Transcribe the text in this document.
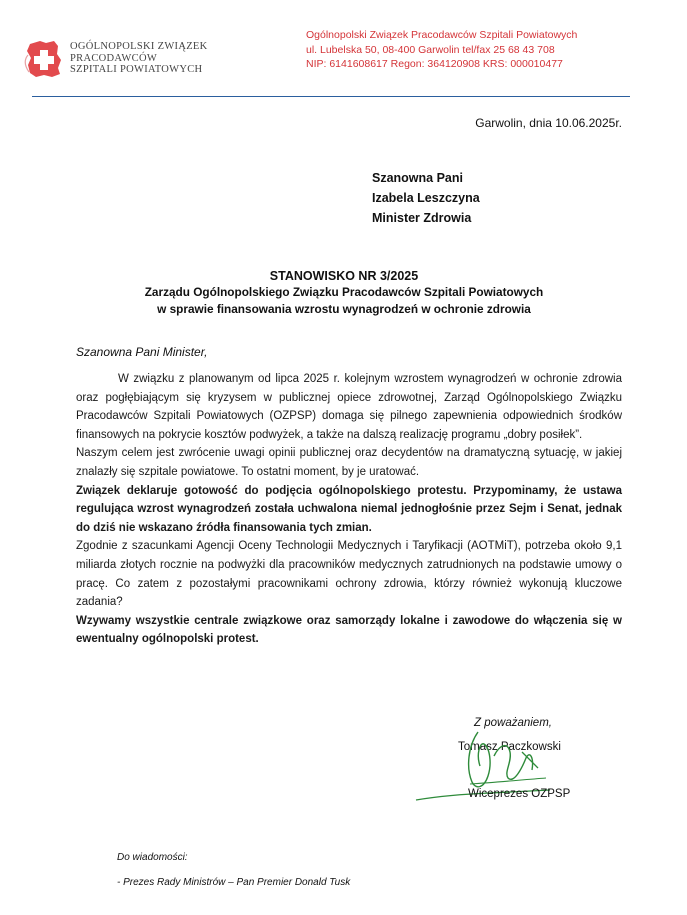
OGÓLNOPOLSKI ZWIĄZEK
PRACODAWCÓW
SZPITALI POWIATOWYCH
Ogólnopolski Związek Pracodawców Szpitali Powiatowych
ul. Lubelska 50, 08-400 Garwolin tel/fax 25 68 43 708
NIP: 6141608617 Regon: 364120908 KRS: 000010477
Garwolin, dnia 10.06.2025r.
Szanowna Pani
Izabela Leszczyna
Minister Zdrowia
STANOWISKO NR 3/2025
Zarządu Ogólnopolskiego Związku Pracodawców Szpitali Powiatowych
w sprawie finansowania wzrostu wynagrodzeń w ochronie zdrowia
Szanowna Pani Minister,

W związku z planowanym od lipca 2025 r. kolejnym wzrostem wynagrodzeń w ochronie zdrowia oraz pogłębiającym się kryzysem w publicznej opiece zdrowotnej, Zarząd Ogólnopolskiego Związku Pracodawców Szpitali Powiatowych (OZPSP) domaga się pilnego zapewnienia odpowiednich środków finansowych na pokrycie kosztów podwyżek, a także na dalszą realizację programu „dobry posiłek”.

Naszym celem jest zwrócenie uwagi opinii publicznej oraz decydentów na dramatyczną sytuację, w jakiej znalazły się szpitale powiatowe. To ostatni moment, by je uratować.

Związek deklaruje gotowość do podjęcia ogólnopolskiego protestu. Przypominamy, że ustawa regulująca wzrost wynagrodzeń została uchwalona niemal jednogłośnie przez Sejm i Senat, jednak do dziś nie wskazano źródła finansowania tych zmian.

Zgodnie z szacunkami Agencji Oceny Technologii Medycznych i Taryfikacji (AOTMiT), potrzeba około 9,1 miliarda złotych rocznie na podwyżki dla pracowników medycznych zatrudnionych na podstawie umowy o pracę. Co zatem z pozostałymi pracownikami ochrony zdrowia, którzy również wykonują kluczowe zadania?

Wzywamy wszystkie centrale związkowe oraz samorządy lokalne i zawodowe do włączenia się w ewentualny ogólnopolski protest.

Z poważaniem,
Tomasz Paczkowski
Wiceprezes OZPSP
Do wiadomości:
- Prezes Rady Ministrów – Pan Premier Donald Tusk
